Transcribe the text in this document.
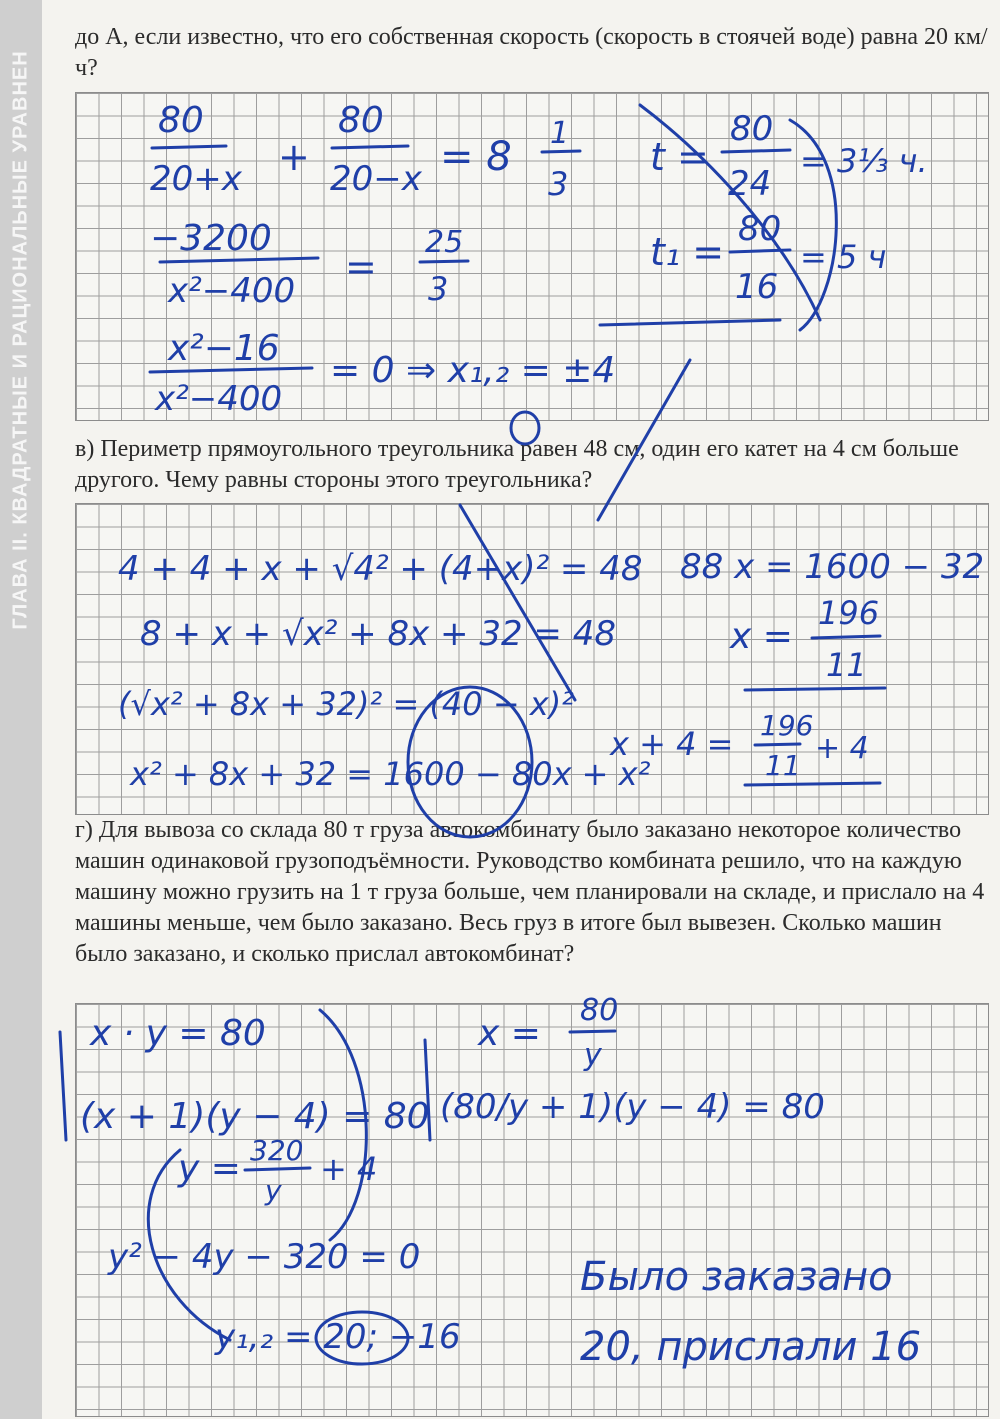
ГЛАВА II. КВАДРАТНЫЕ И РАЦИОНАЛЬНЫЕ УРАВНЕН

до А, если известно, что его собственная скорость (скорость в стоячей воде) равна 20 км/ч?

в) Периметр прямоугольного треугольника равен 48 см, один его катет на 4 см больше другого. Чему равны стороны этого треугольника?

г) Для вывоза со склада 80 т груза автокомбинату было заказано некоторое количество машин одинаковой грузоподъёмности. Руководство комбината решило, что на каждую машину можно грузить на 1 т груза больше, чем планировали на складе, и прислало на 4 машины меньше, чем было заказано. Весь груз в итоге был вывезен. Сколько машин было заказано, и сколько прислал автокомбинат?

80
20+x +
80
20−x = 8
1
3
t =
80
24
= 3⅓ ч.
−3200
x²−400
=
25
3
t₁ =
80
16
= 5 ч
x²−16
x²−400
= 0 ⇒ x₁,₂ = ±4
4 + 4 + x + √4² + (4+x)² = 48
8 + x + √x² + 8x + 32 = 48
(√x² + 8x + 32)² = (40 − x)²
x² + 8x + 32 = 1600 − 80x + x²
88 x = 1600 − 32
x =
196
11
x + 4 = 196
11 + 4
x · y = 80
(x + 1)(y − 4) = 80
x =
80
y
(80/y + 1)(y − 4) = 80
y = 320
y
+ 4
y² − 4y − 320 = 0
y₁,₂ = 20; −16
Было заказано
20, прислали 16
